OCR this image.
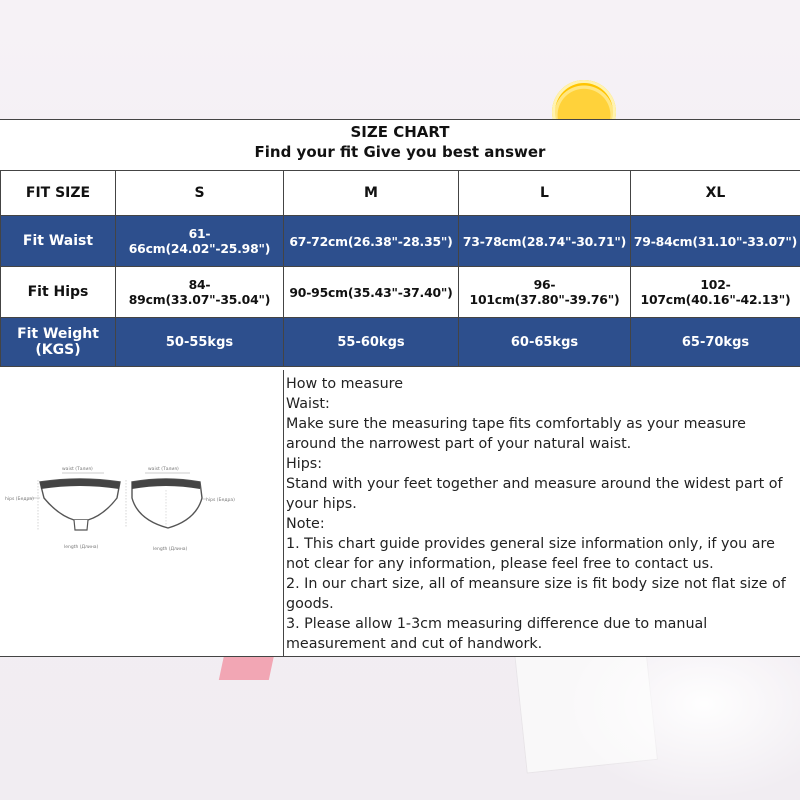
SIZE CHART
Find your fit Give you best answer
FIT SIZE	S	M	L	XL
Fit Waist	61-66cm(24.02"-25.98")	67-72cm(26.38"-28.35")	73-78cm(28.74"-30.71")	79-84cm(31.10"-33.07")
Fit Hips	84-89cm(33.07"-35.04")	90-95cm(35.43"-37.40")	96-101cm(37.80"-39.76")	102-107cm(40.16"-42.13")
Fit Weight (KGS)	50-55kgs	55-60kgs	60-65kgs	65-70kgs
waist (Талия)
hips (Бедра)
length (Длина)
waist (Талия)
hips (Бедра)
length (Длина)
How to measure
Waist:
Make sure the measuring tape fits comfortably as your measure around the narrowest part of your natural waist.
Hips:
Stand with your feet together and measure around the widest part of your hips.
Note:
1. This chart guide provides general size information only, if you are not clear for any information, please feel free to contact us.
2. In our chart size, all of meansure size is fit body size not flat size of goods.
3. Please allow 1-3cm measuring difference due to manual measurement and cut of handwork.
